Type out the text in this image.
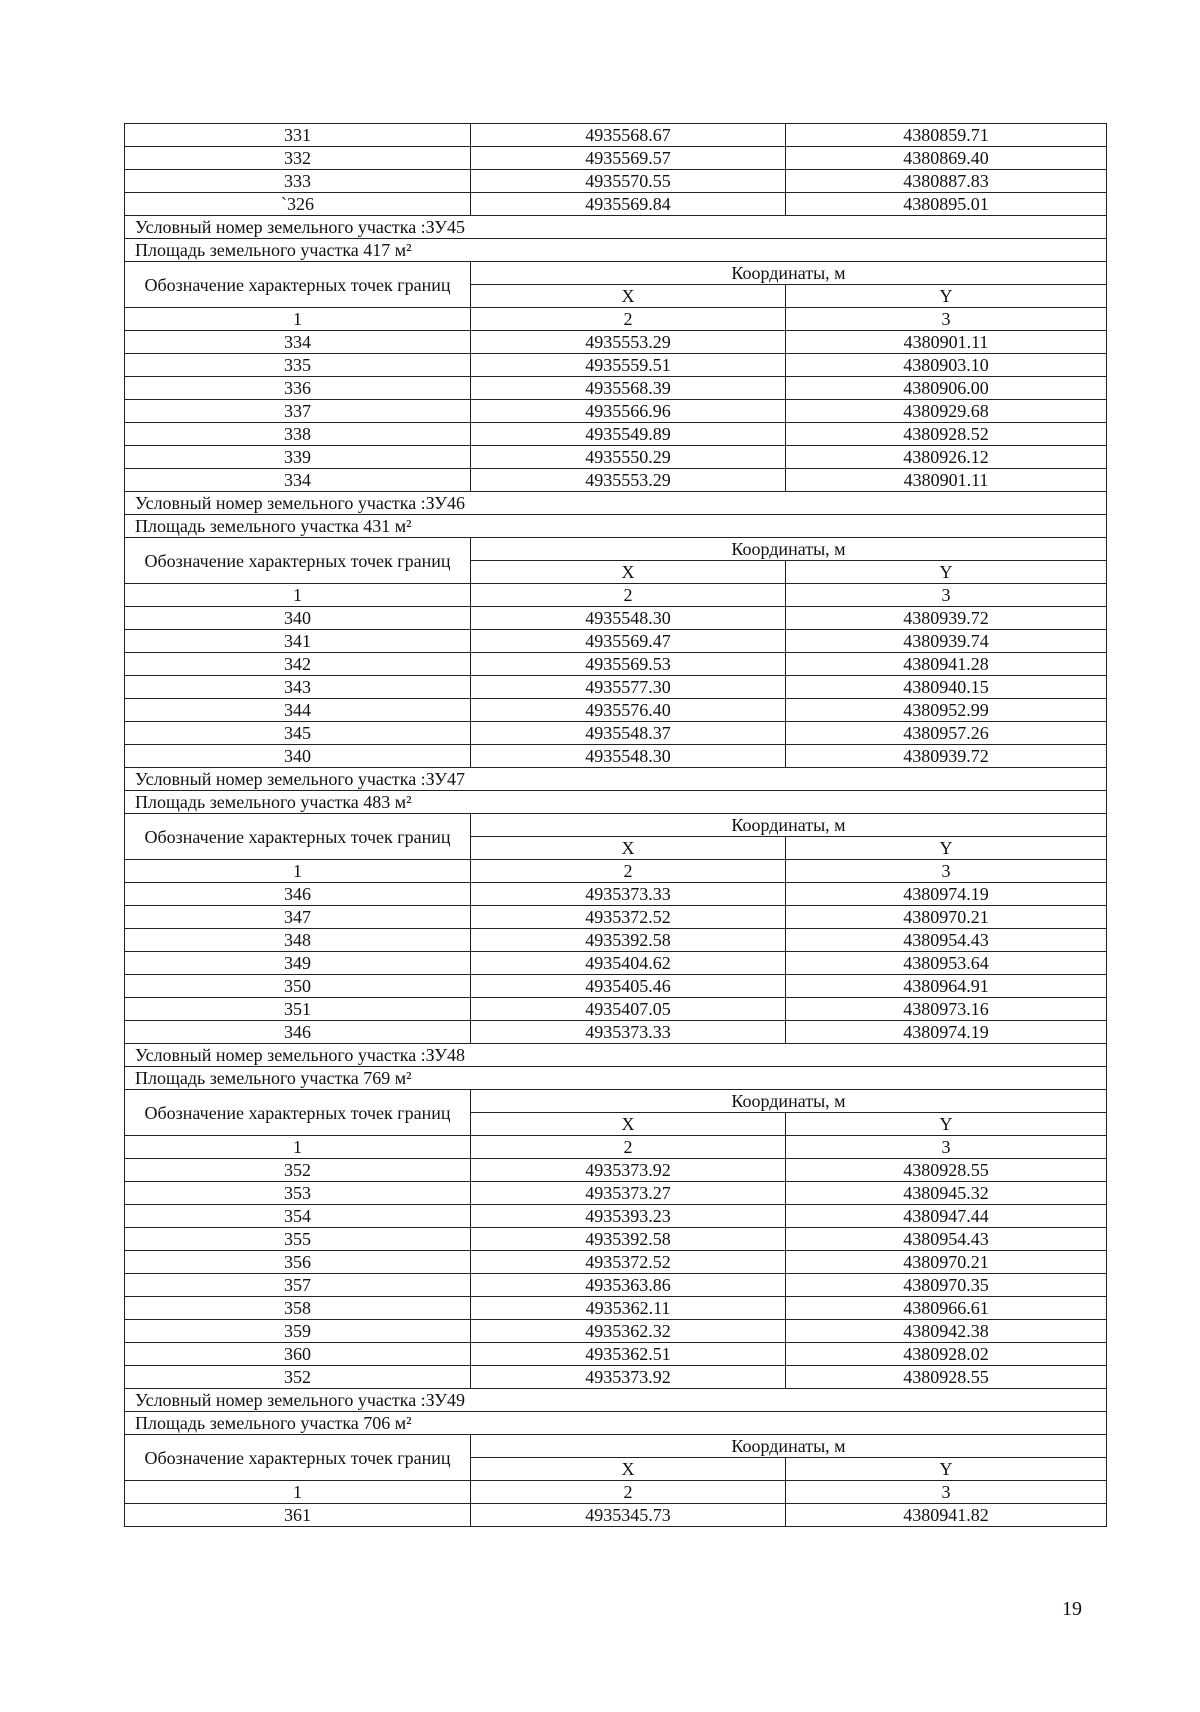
331	4935568.67	4380859.71
332	4935569.57	4380869.40
333	4935570.55	4380887.83
`326	4935569.84	4380895.01
Условный номер земельного участка :ЗУ45		
Площадь земельного участка 417 м²		
Обозначение характерных точек границ	Координаты, м	
	X	Y
1	2	3
334	4935553.29	4380901.11
335	4935559.51	4380903.10
336	4935568.39	4380906.00
337	4935566.96	4380929.68
338	4935549.89	4380928.52
339	4935550.29	4380926.12
334	4935553.29	4380901.11
Условный номер земельного участка :ЗУ46		
Площадь земельного участка 431 м²		
Обозначение характерных точек границ	Координаты, м	
	X	Y
1	2	3
340	4935548.30	4380939.72
341	4935569.47	4380939.74
342	4935569.53	4380941.28
343	4935577.30	4380940.15
344	4935576.40	4380952.99
345	4935548.37	4380957.26
340	4935548.30	4380939.72
Условный номер земельного участка :ЗУ47		
Площадь земельного участка 483 м²		
Обозначение характерных точек границ	Координаты, м	
	X	Y
1	2	3
346	4935373.33	4380974.19
347	4935372.52	4380970.21
348	4935392.58	4380954.43
349	4935404.62	4380953.64
350	4935405.46	4380964.91
351	4935407.05	4380973.16
346	4935373.33	4380974.19
Условный номер земельного участка :ЗУ48		
Площадь земельного участка 769 м²		
Обозначение характерных точек границ	Координаты, м	
	X	Y
1	2	3
352	4935373.92	4380928.55
353	4935373.27	4380945.32
354	4935393.23	4380947.44
355	4935392.58	4380954.43
356	4935372.52	4380970.21
357	4935363.86	4380970.35
358	4935362.11	4380966.61
359	4935362.32	4380942.38
360	4935362.51	4380928.02
352	4935373.92	4380928.55
Условный номер земельного участка :ЗУ49		
Площадь земельного участка 706 м²		
Обозначение характерных точек границ	Координаты, м	
	X	Y
1	2	3
361	4935345.73	4380941.82
19
